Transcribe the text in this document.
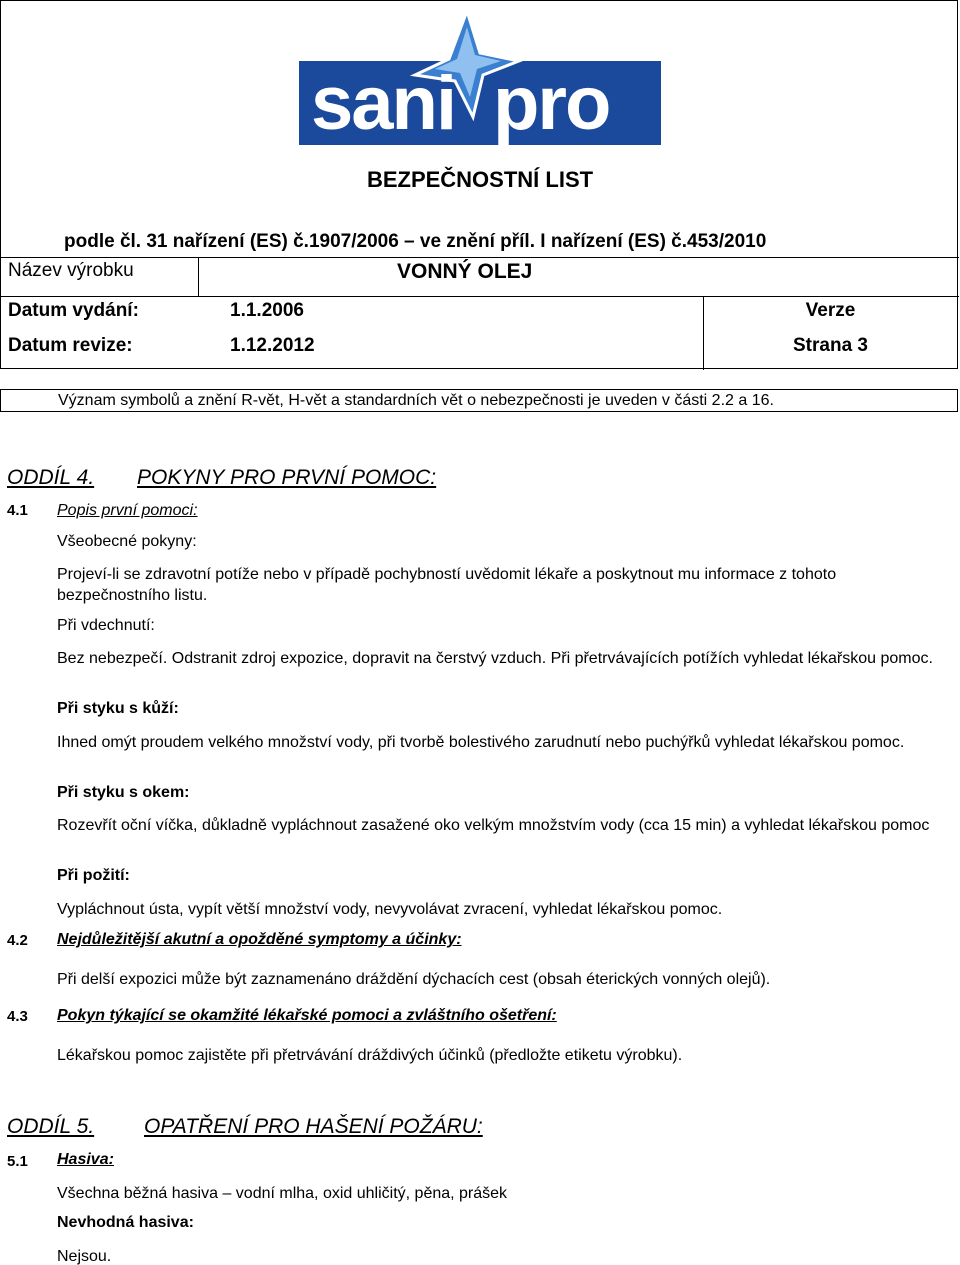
sani pro
BEZPEČNOSTNÍ LIST
podle čl. 31 nařízení (ES) č.1907/2006 – ve znění příl. I nařízení (ES) č.453/2010
Název výrobku	VONNÝ OLEJ
Datum vydání:	1.1.2006	Verze
Datum revize:	1.12.2012	Strana 3
Význam symbolů a znění R-vět, H-vět a standardních vět o nebezpečnosti je uveden v části 2.2 a 16.
ODDÍL 4. POKYNY PRO PRVNÍ POMOC:
4.1 Popis první pomoci:
Všeobecné pokyny:
Projeví-li se zdravotní potíže nebo v případě pochybností uvědomit lékaře a poskytnout mu informace z tohoto bezpečnostního listu.
Při vdechnutí:
Bez nebezpečí. Odstranit zdroj expozice, dopravit na čerstvý vzduch. Při přetrvávajících potížích vyhledat lékařskou pomoc.
Při styku s kůží:
Ihned omýt proudem velkého množství vody, při tvorbě bolestivého zarudnutí nebo puchýřků vyhledat lékařskou pomoc.
Při styku s okem:
Rozevřít oční víčka, důkladně vypláchnout zasažené oko velkým množstvím vody (cca 15 min) a vyhledat lékařskou pomoc
Při požití:
Vypláchnout ústa, vypít větší množství vody, nevyvolávat zvracení, vyhledat lékařskou pomoc.
4.2 Nejdůležitější akutní a opožděné symptomy a účinky:
Při delší expozici může být zaznamenáno dráždění dýchacích cest (obsah éterických vonných olejů).
4.3 Pokyn týkající se okamžité lékařské pomoci a zvláštního ošetření:
Lékařskou pomoc zajistěte při přetrvávání dráždivých účinků (předložte etiketu výrobku).
ODDÍL 5. OPATŘENÍ PRO HAŠENÍ POŽÁRU:
5.1 Hasiva:
Všechna běžná hasiva – vodní mlha, oxid uhličitý, pěna, prášek
Nevhodná hasiva:
Nejsou.
